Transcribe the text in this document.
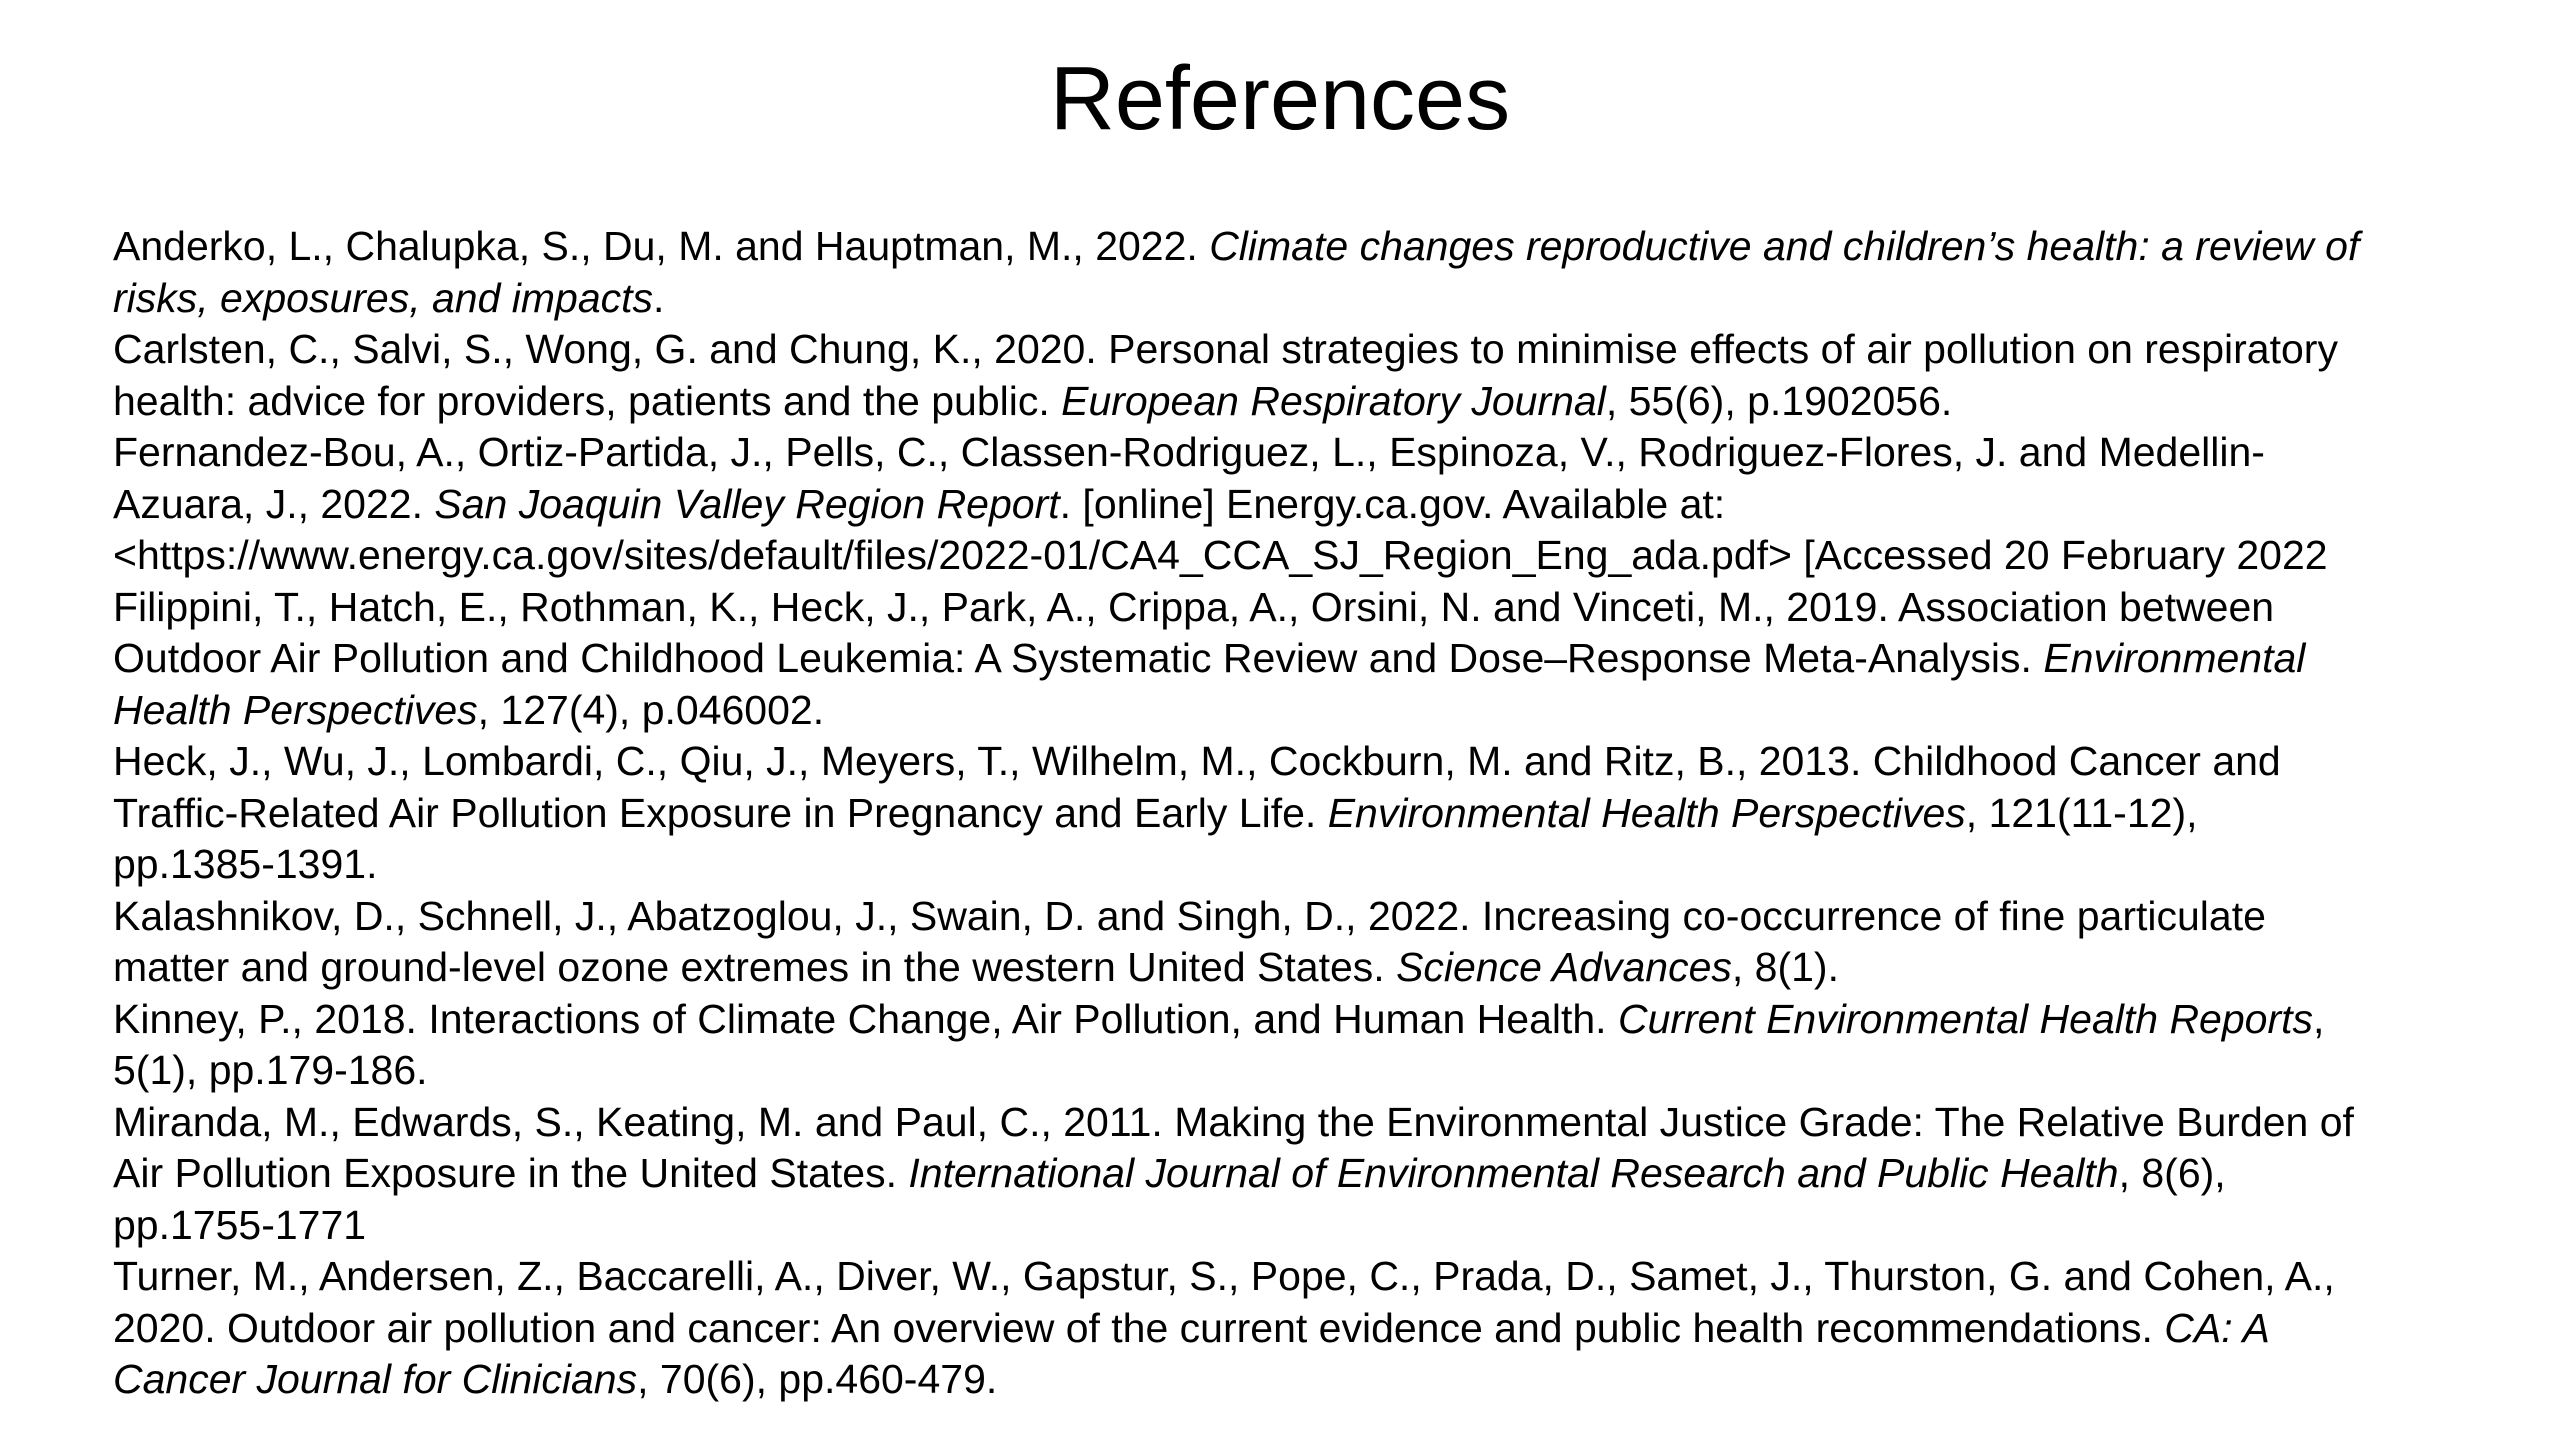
References
Anderko, L., Chalupka, S., Du, M. and Hauptman, M., 2022. Climate changes reproductive and children’s health: a review of
risks, exposures, and impacts.
Carlsten, C., Salvi, S., Wong, G. and Chung, K., 2020. Personal strategies to minimise effects of air pollution on respiratory
health: advice for providers, patients and the public. European Respiratory Journal, 55(6), p.1902056.
Fernandez-Bou, A., Ortiz-Partida, J., Pells, C., Classen-Rodriguez, L., Espinoza, V., Rodriguez-Flores, J. and Medellin-
Azuara, J., 2022. San Joaquin Valley Region Report. [online] Energy.ca.gov. Available at:
<https://www.energy.ca.gov/sites/default/files/2022-01/CA4_CCA_SJ_Region_Eng_ada.pdf> [Accessed 20 February 2022
Filippini, T., Hatch, E., Rothman, K., Heck, J., Park, A., Crippa, A., Orsini, N. and Vinceti, M., 2019. Association between
Outdoor Air Pollution and Childhood Leukemia: A Systematic Review and Dose–Response Meta-Analysis. Environmental
Health Perspectives, 127(4), p.046002.
Heck, J., Wu, J., Lombardi, C., Qiu, J., Meyers, T., Wilhelm, M., Cockburn, M. and Ritz, B., 2013. Childhood Cancer and
Traffic-Related Air Pollution Exposure in Pregnancy and Early Life. Environmental Health Perspectives, 121(11-12),
pp.1385-1391.
Kalashnikov, D., Schnell, J., Abatzoglou, J., Swain, D. and Singh, D., 2022. Increasing co-occurrence of fine particulate
matter and ground-level ozone extremes in the western United States. Science Advances, 8(1).
Kinney, P., 2018. Interactions of Climate Change, Air Pollution, and Human Health. Current Environmental Health Reports,
5(1), pp.179-186.
Miranda, M., Edwards, S., Keating, M. and Paul, C., 2011. Making the Environmental Justice Grade: The Relative Burden of
Air Pollution Exposure in the United States. International Journal of Environmental Research and Public Health, 8(6),
pp.1755-1771
Turner, M., Andersen, Z., Baccarelli, A., Diver, W., Gapstur, S., Pope, C., Prada, D., Samet, J., Thurston, G. and Cohen, A.,
2020. Outdoor air pollution and cancer: An overview of the current evidence and public health recommendations. CA: A
Cancer Journal for Clinicians, 70(6), pp.460-479.
